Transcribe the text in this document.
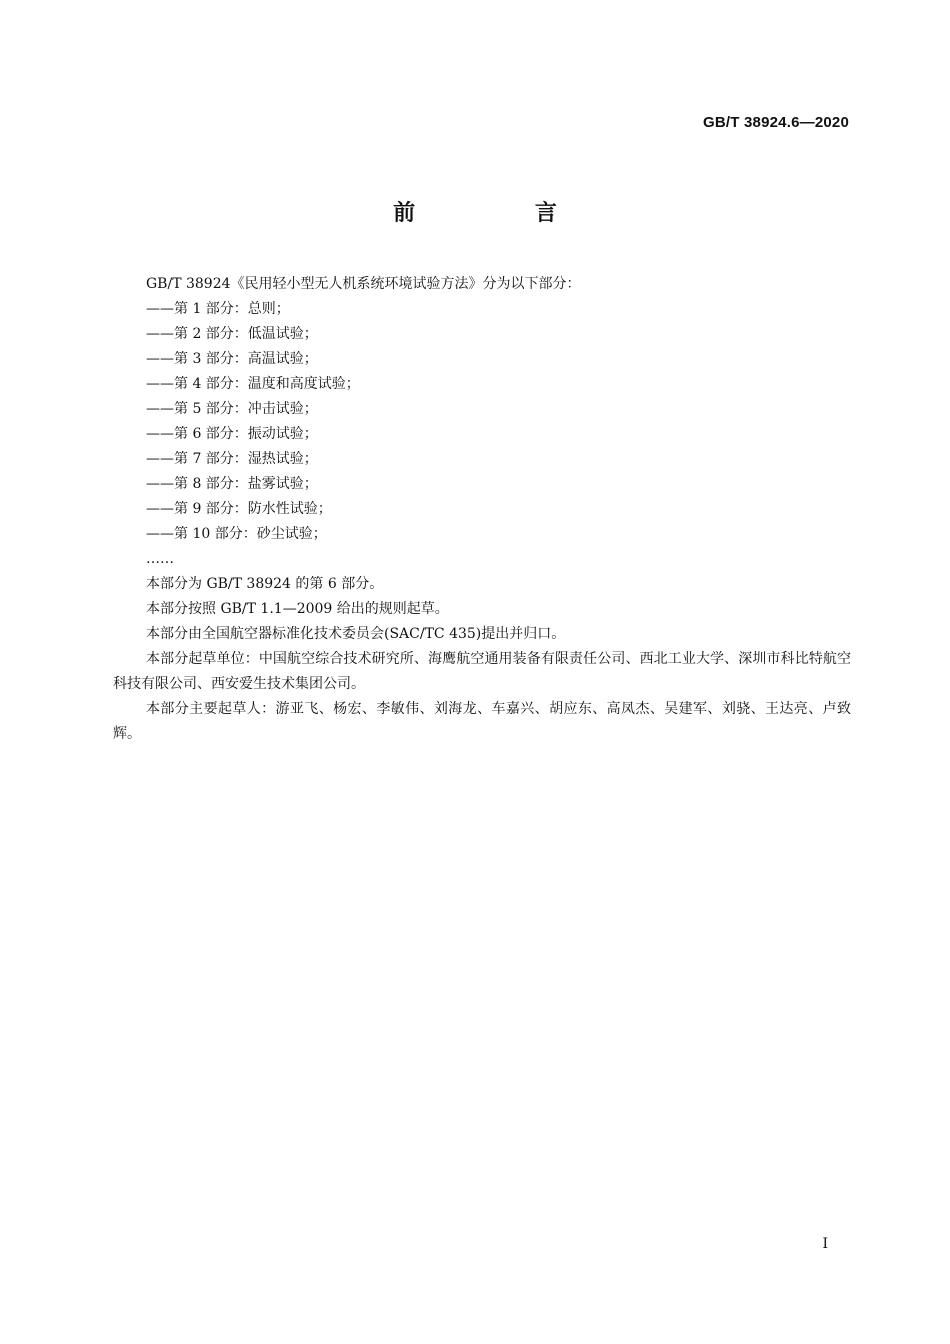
GB/T 38924.6—2020
前 言

GB/T 38924《民用轻小型无人机系统环境试验方法》分为以下部分：

——第 1 部分：总则；

——第 2 部分：低温试验；

——第 3 部分：高温试验；

——第 4 部分：温度和高度试验；

——第 5 部分：冲击试验；

——第 6 部分：振动试验；

——第 7 部分：湿热试验；

——第 8 部分：盐雾试验；

——第 9 部分：防水性试验；

——第 10 部分：砂尘试验；

……

本部分为 GB/T 38924 的第 6 部分。

本部分按照 GB/T 1.1—2009 给出的规则起草。

本部分由全国航空器标准化技术委员会(SAC/TC 435)提出并归口。

本部分起草单位：中国航空综合技术研究所、海鹰航空通用装备有限责任公司、西北工业大学、深圳市科比特航空科技有限公司、西安爱生技术集团公司。

本部分主要起草人：游亚飞、杨宏、李敏伟、刘海龙、车嘉兴、胡应东、高凤杰、吴建军、刘骁、王达亮、卢致辉。

I
